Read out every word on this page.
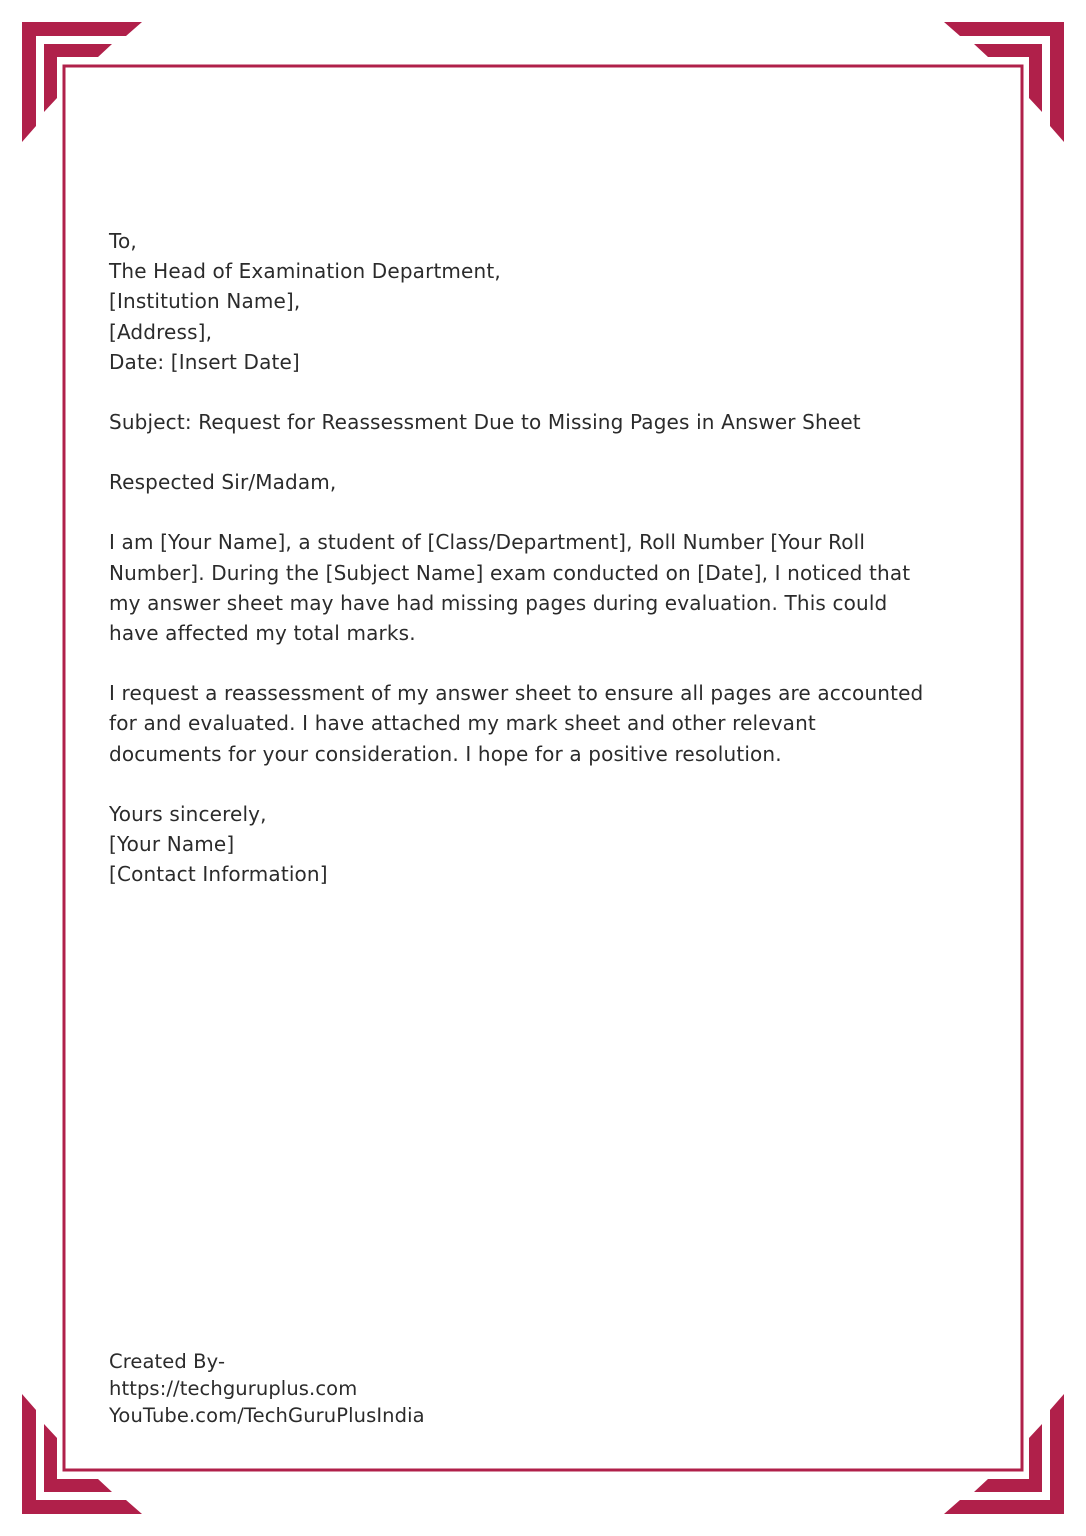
To,

The Head of Examination Department,

[Institution Name],

[Address],

Date: [Insert Date]

Subject: Request for Reassessment Due to Missing Pages in Answer Sheet

Respected Sir/Madam,

I am [Your Name], a student of [Class/Department], Roll Number [Your Roll

Number]. During the [Subject Name] exam conducted on [Date], I noticed that

my answer sheet may have had missing pages during evaluation. This could

have affected my total marks.

I request a reassessment of my answer sheet to ensure all pages are accounted

for and evaluated. I have attached my mark sheet and other relevant

documents for your consideration. I hope for a positive resolution.

Yours sincerely,

[Your Name]

[Contact Information]

Created By-

https://techguruplus.com

YouTube.com/TechGuruPlusIndia
